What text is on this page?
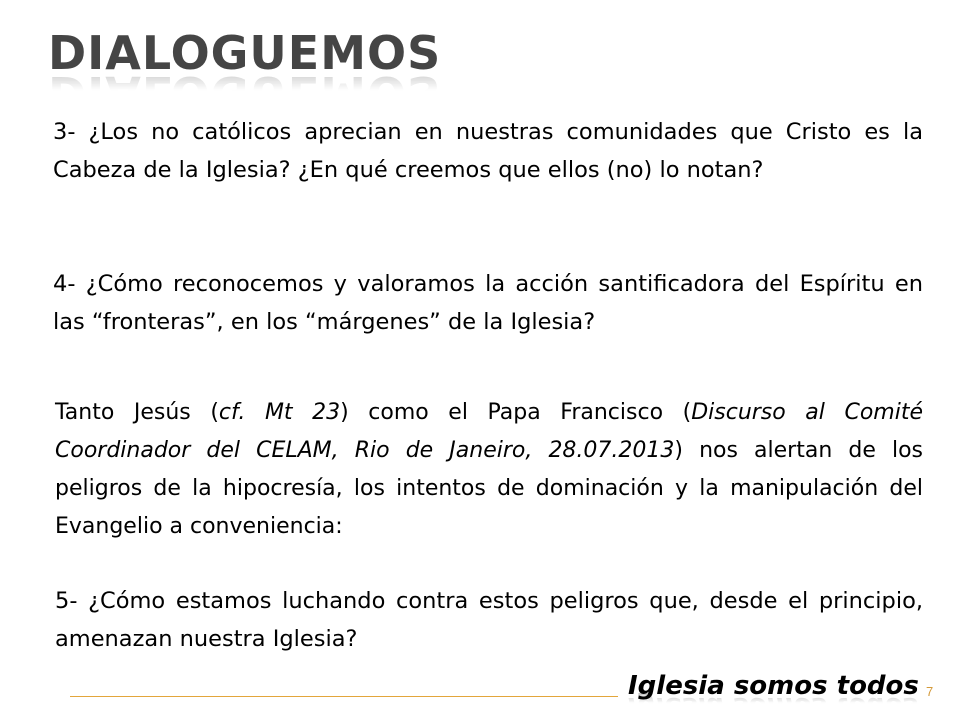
DIALOGUEMOS

3- ¿Los no católicos aprecian en nuestras comunidades que Cristo es la Cabeza de la Iglesia? ¿En qué creemos que ellos (no) lo notan?

4- ¿Cómo reconocemos y valoramos la acción santificadora del Espíritu en las “fronteras”, en los “márgenes” de la Iglesia?

Tanto Jesús (cf. Mt 23) como el Papa Francisco (Discurso al Comité Coordinador del CELAM, Rio de Janeiro, 28.07.2013) nos alertan de los peligros de la hipocresía, los intentos de dominación y la manipulación del Evangelio a conveniencia:

5- ¿Cómo estamos luchando contra estos peligros que, desde el principio, amenazan nuestra Iglesia?

Iglesia somos todos 7
